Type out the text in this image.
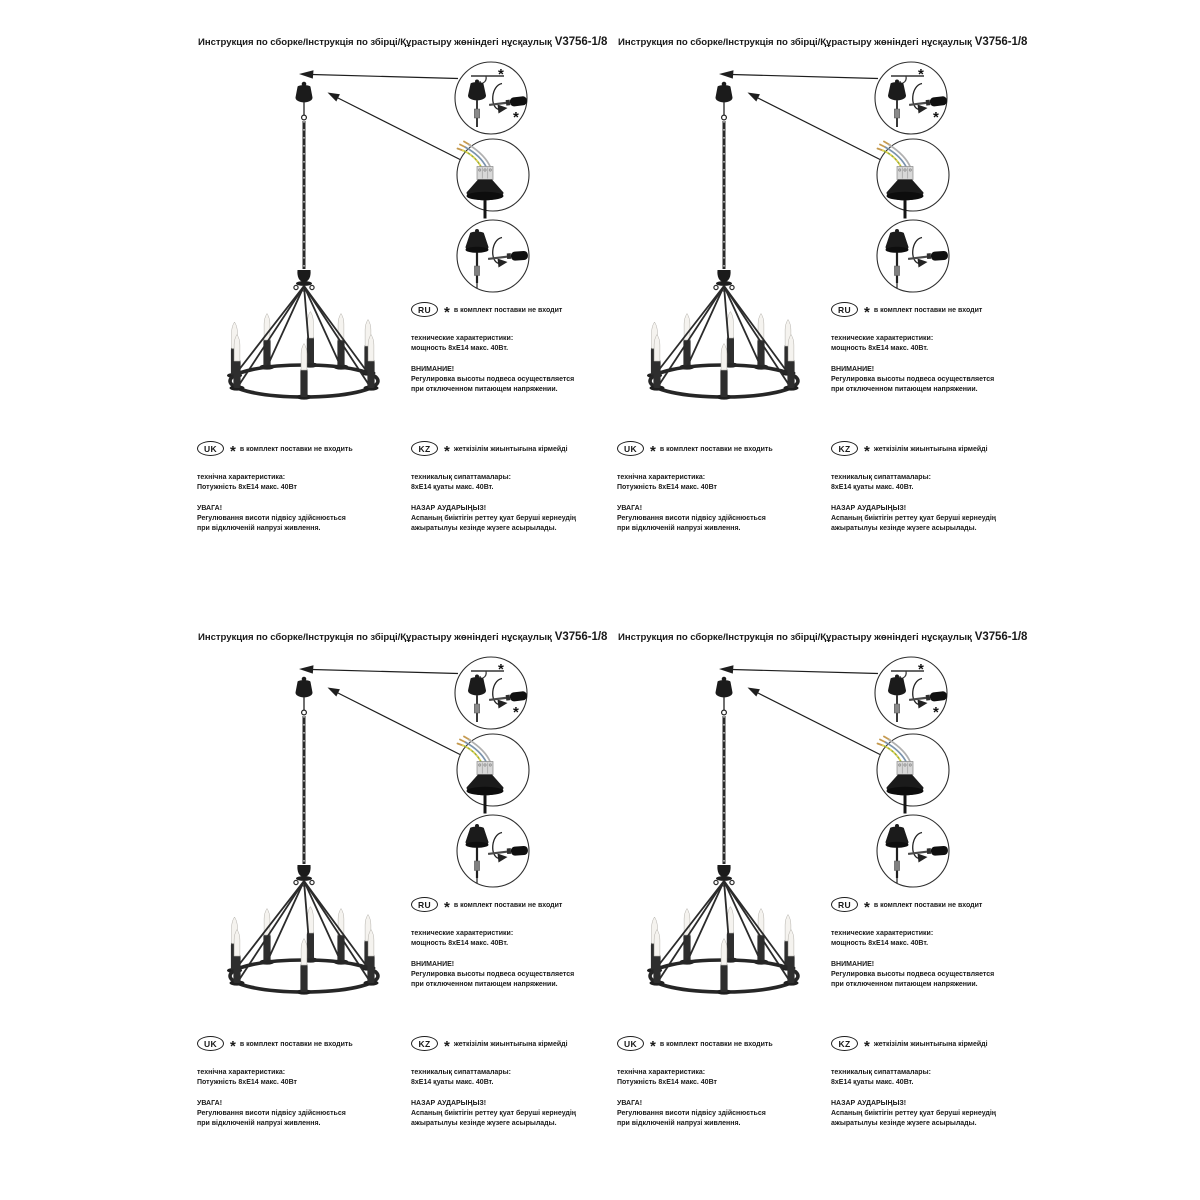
Инструкция по сборке/Інструкція по збірці/Құрастыру жөніндегі нұсқаулық V3756-1/8
*
*
RU * в комплект поставки не входит
технические характеристики:
мощность 8хЕ14 макс. 40Вт.
ВНИМАНИЕ!
Регулировка высоты подвеса осуществляется
при отключенном питающем напряжении.
UK * в комплект поставки не входить
технічна характеристика:
Потужність 8хЕ14 макс. 40Вт
УВАГА!
Регулювання висоти підвісу здійснюється
при відключеній напрузі живлення.
KZ * жеткізілім жиынтығына кірмейді
техникалық сипаттамалары:
8хЕ14 қуаты макс. 40Вт.
НАЗАР АУДАРЫҢЫЗ!
Аспаның биіктігін реттеу қуат беруші кернеудің
ажыратылуы кезінде жүзеге асырылады.
Инструкция по сборке/Інструкція по збірці/Құрастыру жөніндегі нұсқаулық V3756-1/8
*
*
RU * в комплект поставки не входит
технические характеристики:
мощность 8хЕ14 макс. 40Вт.
ВНИМАНИЕ!
Регулировка высоты подвеса осуществляется
при отключенном питающем напряжении.
UK * в комплект поставки не входить
технічна характеристика:
Потужність 8хЕ14 макс. 40Вт
УВАГА!
Регулювання висоти підвісу здійснюється
при відключеній напрузі живлення.
KZ * жеткізілім жиынтығына кірмейді
техникалық сипаттамалары:
8хЕ14 қуаты макс. 40Вт.
НАЗАР АУДАРЫҢЫЗ!
Аспаның биіктігін реттеу қуат беруші кернеудің
ажыратылуы кезінде жүзеге асырылады.
Инструкция по сборке/Інструкція по збірці/Құрастыру жөніндегі нұсқаулық V3756-1/8
*
*
RU * в комплект поставки не входит
технические характеристики:
мощность 8хЕ14 макс. 40Вт.
ВНИМАНИЕ!
Регулировка высоты подвеса осуществляется
при отключенном питающем напряжении.
UK * в комплект поставки не входить
технічна характеристика:
Потужність 8хЕ14 макс. 40Вт
УВАГА!
Регулювання висоти підвісу здійснюється
при відключеній напрузі живлення.
KZ * жеткізілім жиынтығына кірмейді
техникалық сипаттамалары:
8хЕ14 қуаты макс. 40Вт.
НАЗАР АУДАРЫҢЫЗ!
Аспаның биіктігін реттеу қуат беруші кернеудің
ажыратылуы кезінде жүзеге асырылады.
Инструкция по сборке/Інструкція по збірці/Құрастыру жөніндегі нұсқаулық V3756-1/8
*
*
RU * в комплект поставки не входит
технические характеристики:
мощность 8хЕ14 макс. 40Вт.
ВНИМАНИЕ!
Регулировка высоты подвеса осуществляется
при отключенном питающем напряжении.
UK * в комплект поставки не входить
технічна характеристика:
Потужність 8хЕ14 макс. 40Вт
УВАГА!
Регулювання висоти підвісу здійснюється
при відключеній напрузі живлення.
KZ * жеткізілім жиынтығына кірмейді
техникалық сипаттамалары:
8хЕ14 қуаты макс. 40Вт.
НАЗАР АУДАРЫҢЫЗ!
Аспаның биіктігін реттеу қуат беруші кернеудің
ажыратылуы кезінде жүзеге асырылады.
